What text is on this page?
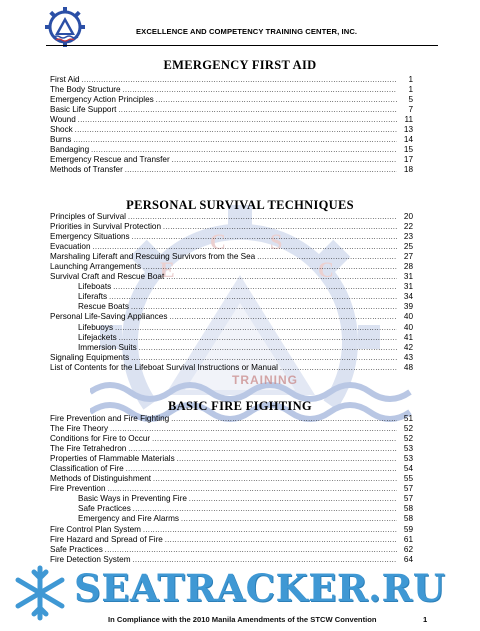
EXCELLENCE AND COMPETENCY TRAINING CENTER, INC.
E
C S
C
TRAINING
EMERGENCY FIRST AID
First Aid .....	1
The Body Structure .....	1
Emergency Action Principles .....	5
Basic Life Support .....	7
Wound .....	11
Shock .....	13
Burns .....	14
Bandaging .....	15
Emergency Rescue and Transfer .....	17
Methods of Transfer .....	18
PERSONAL SURVIVAL TECHNIQUES
Principles of Survival .....	20
Priorities in Survival Protection .....	22
Emergency Situations .....	23
Evacuation .....	25
Marshaling Liferaft and Rescuing Survivors from the Sea .....	27
Launching Arrangements .....	28
Survival Craft and Rescue Boat .....	31
Lifeboats .....	31
Liferafts .....	34
Rescue Boats .....	39
Personal Life-Saving Appliances .....	40
Lifebuoys .....	40
Lifejackets .....	41
Immersion Suits .....	42
Signaling Equipments .....	43
List of Contents for the Lifeboat Survival Instructions or Manual .....	48
BASIC FIRE FIGHTING
Fire Prevention and Fire Fighting .....	51
The Fire Theory .....	52
Conditions for Fire to Occur .....	52
The Fire Tetrahedron .....	53
Properties of Flammable Materials .....	53
Classification of Fire .....	54
Methods of Distinguishment .....	55
Fire Prevention .....	57
Basic Ways in Preventing Fire .....	57
Safe Practices .....	58
Emergency and Fire Alarms .....	58
Fire Control Plan System .....	59
Fire Hazard and Spread of Fire .....	61
Safe Practices .....	62
Fire Detection System .....	64
SEATRACKER.RU
In Compliance with the 2010 Manila Amendments of the STCW Convention	1
